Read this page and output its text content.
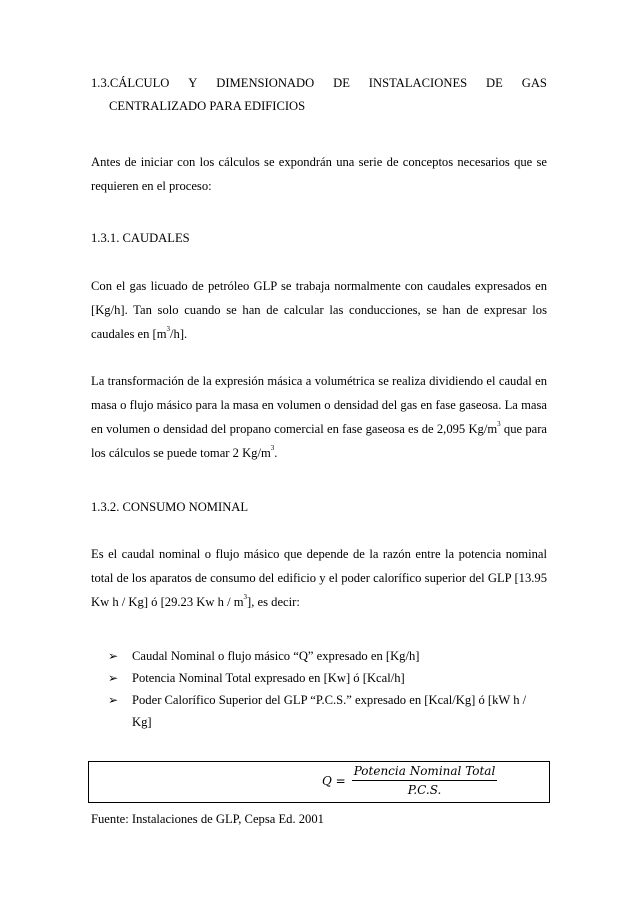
1.3.CÁLCULO Y DIMENSIONADO DE INSTALACIONES DE GAS
CENTRALIZADO PARA EDIFICIOS
Antes de iniciar con los cálculos se expondrán una serie de conceptos necesarios que se requieren en el proceso:
1.3.1. CAUDALES
Con el gas licuado de petróleo GLP se trabaja normalmente con caudales expresados en [Kg/h]. Tan solo cuando se han de calcular las conducciones, se han de expresar los caudales en $[m^3/h]$.
La transformación de la expresión másica a volumétrica se realiza dividiendo el caudal en masa o flujo másico para la masa en volumen o densidad del gas en fase gaseosa. La masa en volumen o densidad del propano comercial en fase gaseosa es de 2,095 $Kg/m^3$ que para los cálculos se puede tomar 2 $Kg/m^3$.
1.3.2. CONSUMO NOMINAL
Es el caudal nominal o flujo másico que depende de la razón entre la potencia nominal total de los aparatos de consumo del edificio y el poder calorífico superior del GLP [13.95 Kw h / Kg] ó [29.23 Kw h / $m^3$], es decir:
➢	Caudal Nominal o flujo másico “Q” expresado en [Kg/h]
➢	Potencia Nominal Total expresado en [Kw] ó [Kcal/h]
➢	Poder Calorífico Superior del GLP “P.C.S.” expresado en [Kcal/Kg] ó [kW h / Kg]
$Q = \frac{\text{Potencia Nominal Total}}{P.C.S.}$
Fuente: Instalaciones de GLP, Cepsa Ed. 2001
